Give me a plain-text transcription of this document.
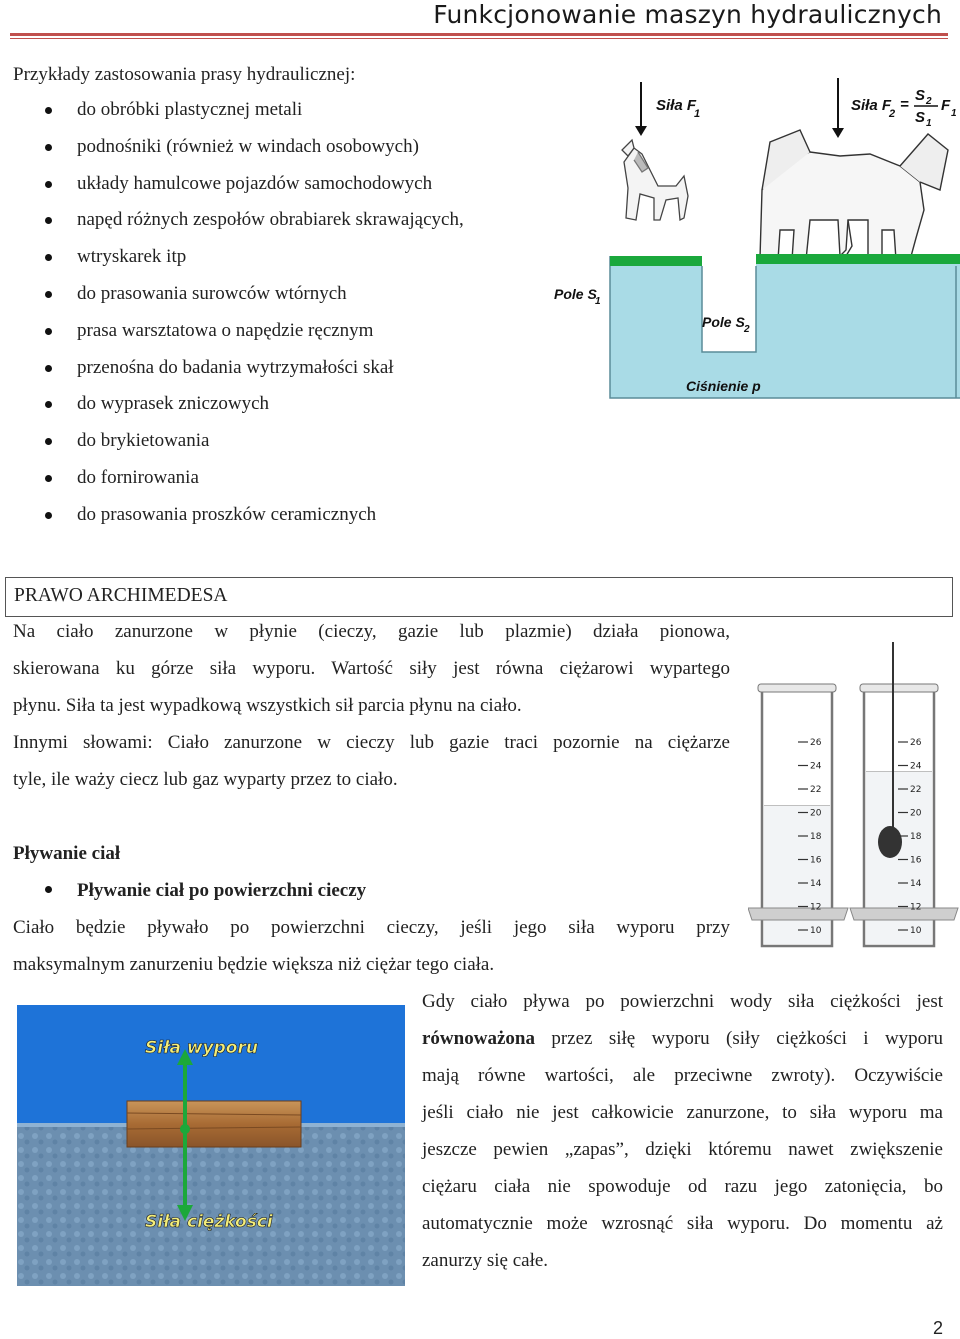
Funkcjonowanie maszyn hydraulicznych
Przykłady zastosowania prasy hydraulicznej:
do obróbki plastycznej metali
podnośniki (również w windach osobowych)
układy hamulcowe pojazdów samochodowych
napęd różnych zespołów obrabiarek skrawających,
wtryskarek itp
do prasowania surowców wtórnych
prasa warsztatowa o napędzie ręcznym
przenośna do badania wytrzymałości skał
do wyprasek zniczowych
do brykietowania
do fornirowania
do prasowania proszków ceramicznych
Siła F
1	Siła F
2
=
S 2
S 1
F 1
Pole S
1
Pole S 2
Ciśnienie p
PRAWO ARCHIMEDESA
Na ciało zanurzone w płynie (cieczy, gazie lub plazmie) działa pionowa,
skierowana ku górze siła wyporu. Wartość siły jest równa ciężarowi wypartego
płynu. Siła ta jest wypadkową wszystkich sił parcia płynu na ciało.
Innymi słowami: Ciało zanurzone w cieczy lub gazie traci pozornie na ciężarze
tyle, ile waży ciecz lub gaz wyparty przez to ciało.
26
24
22
20
18
16
14
12
10
26
24
22
20
18
16
14
12
10
Pływanie ciał
Pływanie ciał po powierzchni cieczy
Ciało będzie pływało po powierzchni cieczy, jeśli jego siła wyporu przy
maksymalnym zanurzeniu będzie większa niż ciężar tego ciała.
Siła wyporu
Siła ciężkości
Gdy ciało pływa po powierzchni wody siła ciężkości jest
równoważona przez siłę wyporu (siły ciężkości i wyporu
mają równe wartości, ale przeciwne zwroty). Oczywiście
jeśli ciało nie jest całkowicie zanurzone, to siła wyporu ma
jeszcze pewien „zapas”, dzięki któremu nawet zwiększenie
ciężaru ciała nie spowoduje od razu jego zatonięcia, bo
automatycznie może wzrosnąć siła wyporu. Do momentu aż
zanurzy się całe.
2
